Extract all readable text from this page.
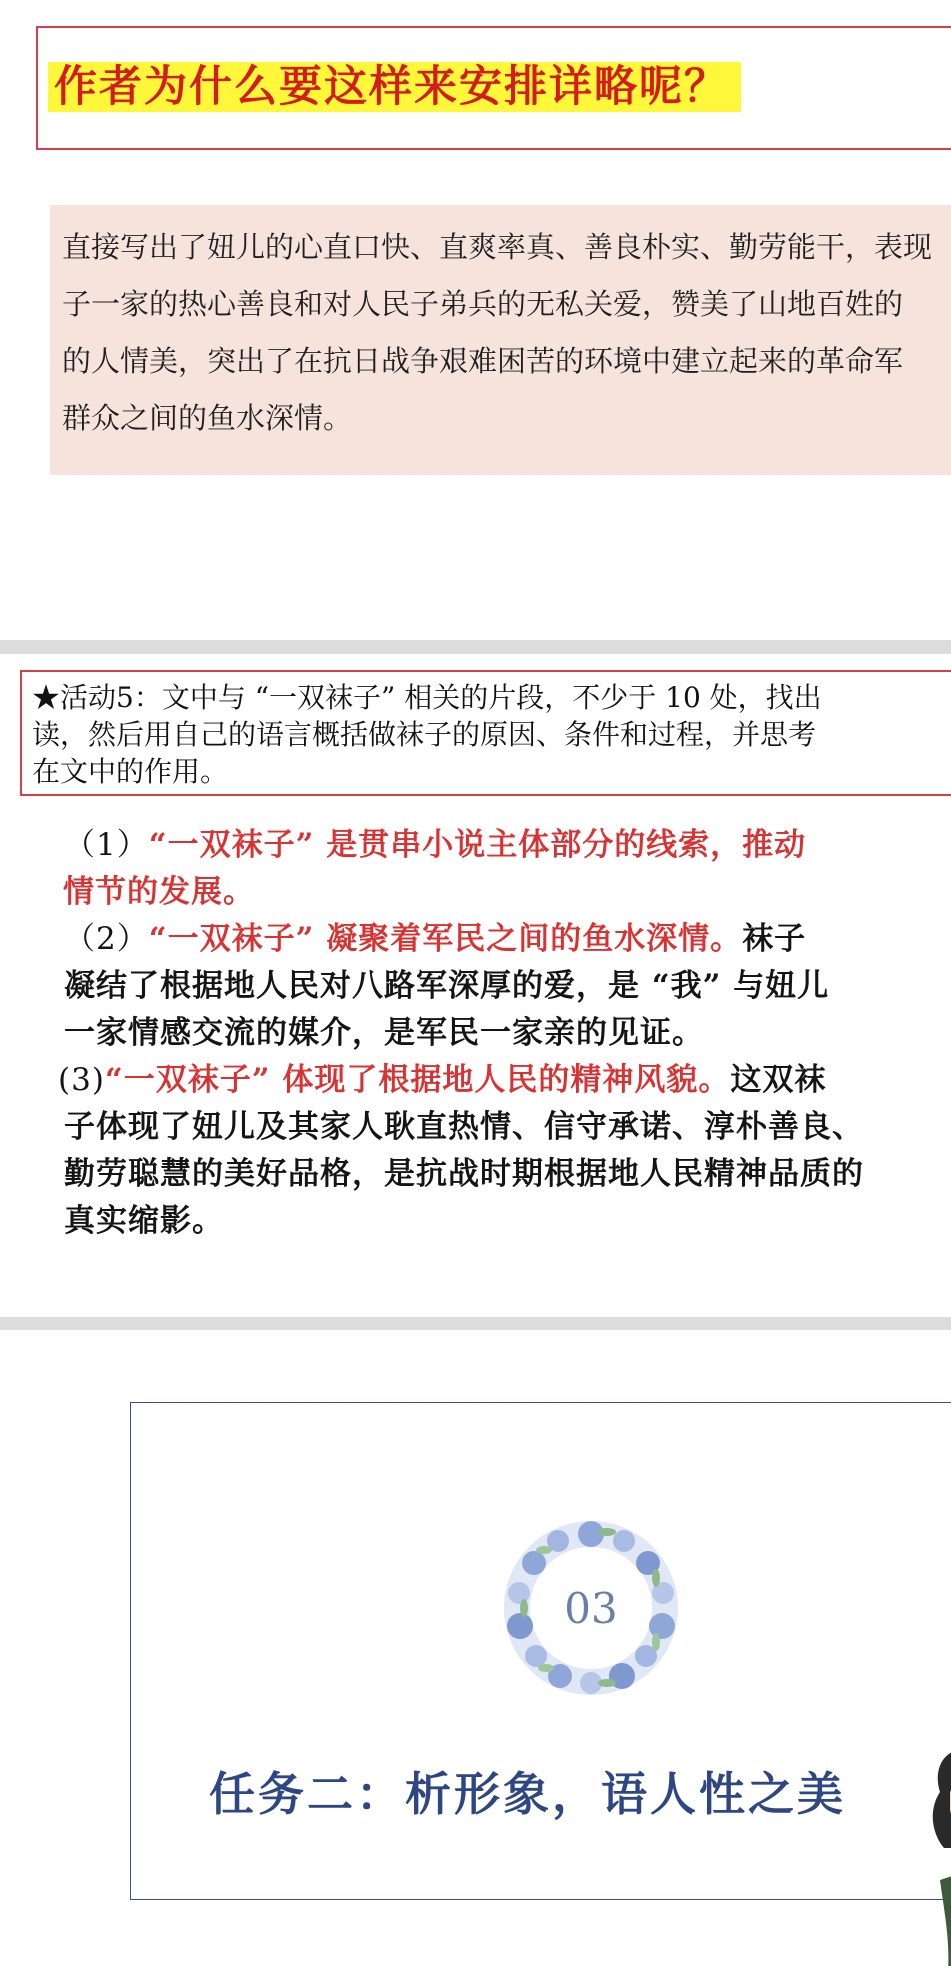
作者为什么要这样来安排详略呢？
直接写出了妞儿的心直口快、直爽率真、善良朴实、勤劳能干，表现
子一家的热心善良和对人民子弟兵的无私关爱，赞美了山地百姓的
的人情美，突出了在抗日战争艰难困苦的环境中建立起来的革命军
群众之间的鱼水深情。
★活动5：文中与 “一双袜子” 相关的片段，不少于 10 处，找出
读，然后用自己的语言概括做袜子的原因、条件和过程，并思考
在文中的作用。
（1）“一双袜子” 是贯串小说主体部分的线索，推动
情节的发展。
（2）“一双袜子” 凝聚着军民之间的鱼水深情。袜子
凝结了根据地人民对八路军深厚的爱，是 “我” 与妞儿
一家情感交流的媒介，是军民一家亲的见证。
(3)“一双袜子” 体现了根据地人民的精神风貌。这双袜
子体现了妞儿及其家人耿直热情、信守承诺、淳朴善良、
勤劳聪慧的美好品格，是抗战时期根据地人民精神品质的
真实缩影。
03
任务二：析形象，语人性之美
